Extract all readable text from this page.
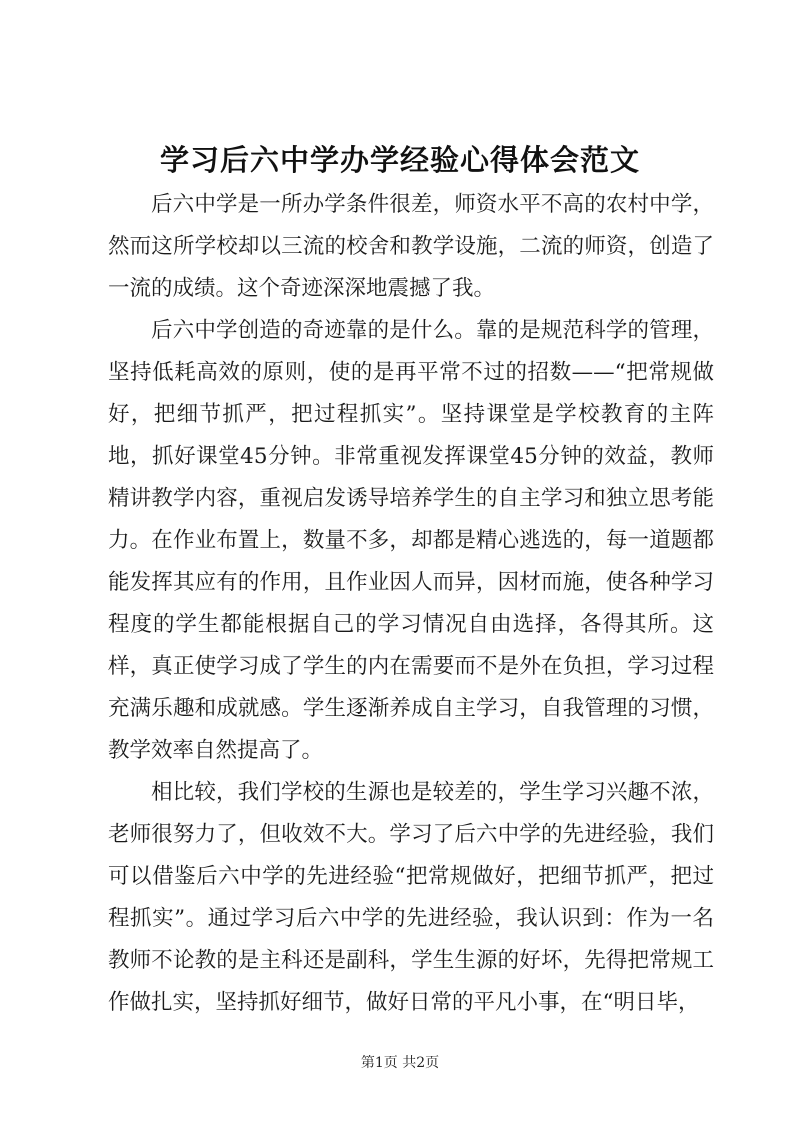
学习后六中学办学经验心得体会范文

后六中学是一所办学条件很差，师资水平不高的农村中学，然而这所学校却以三流的校舍和教学设施，二流的师资，创造了一流的成绩。这个奇迹深深地震撼了我。

后六中学创造的奇迹靠的是什么。靠的是规范科学的管理，坚持低耗高效的原则，使的是再平常不过的招数——“把常规做好，把细节抓严，把过程抓实”。坚持课堂是学校教育的主阵地，抓好课堂45分钟。非常重视发挥课堂45分钟的效益，教师精讲教学内容，重视启发诱导培养学生的自主学习和独立思考能力。在作业布置上，数量不多，却都是精心逃选的，每一道题都能发挥其应有的作用，且作业因人而异，因材而施，使各种学习程度的学生都能根据自己的学习情况自由选择，各得其所。这样，真正使学习成了学生的内在需要而不是外在负担，学习过程充满乐趣和成就感。学生逐渐养成自主学习，自我管理的习惯，教学效率自然提高了。

相比较，我们学校的生源也是较差的，学生学习兴趣不浓，老师很努力了，但收效不大。学习了后六中学的先进经验，我们可以借鉴后六中学的先进经验“把常规做好，把细节抓严，把过程抓实”。通过学习后六中学的先进经验，我认识到：作为一名教师不论教的是主科还是副科，学生生源的好坏，先得把常规工作做扎实，坚持抓好细节，做好日常的平凡小事，在“明日毕，

第1页 共2页
